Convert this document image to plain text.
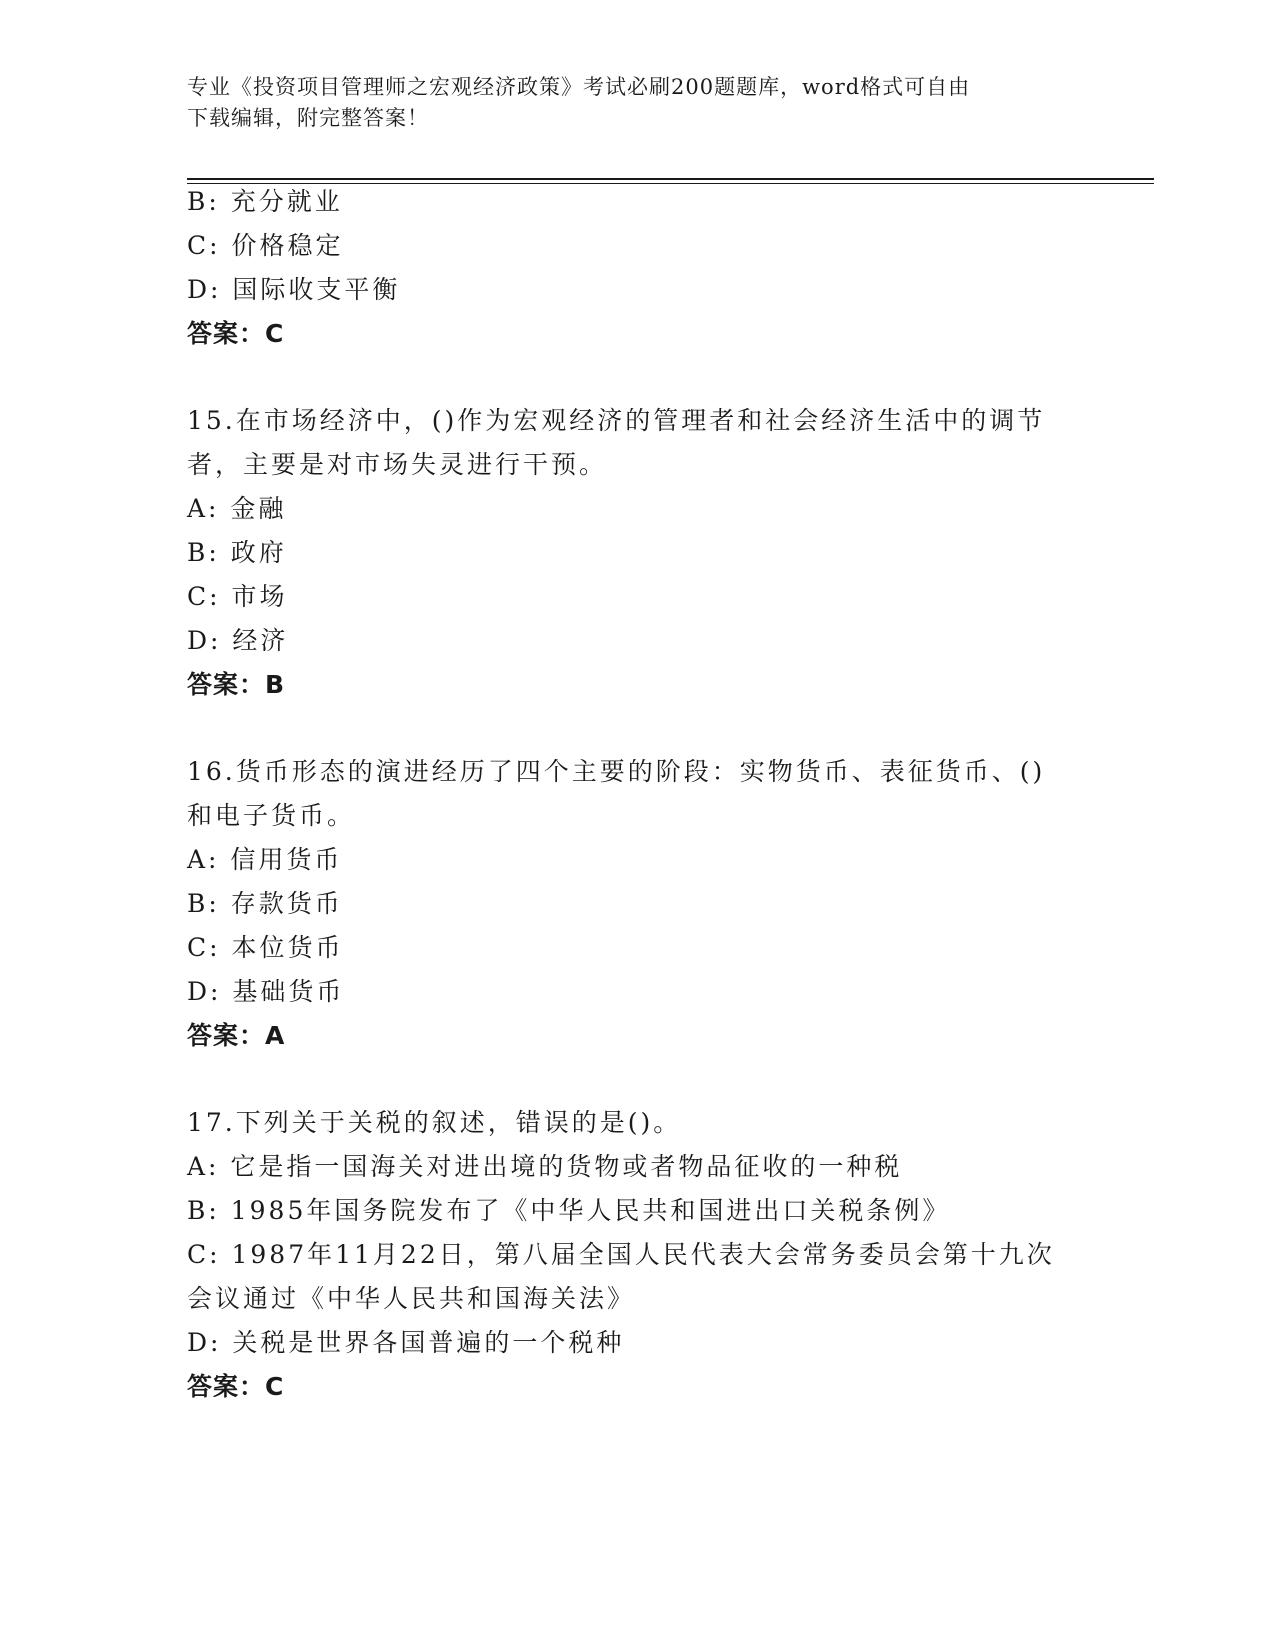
专业《投资项目管理师之宏观经济政策》考试必刷200题题库，word格式可自由
下载编辑，附完整答案！
B: 充分就业
C: 价格稳定
D: 国际收支平衡
答案：C
15.在市场经济中，()作为宏观经济的管理者和社会经济生活中的调节
者，主要是对市场失灵进行干预。
A: 金融
B: 政府
C: 市场
D: 经济
答案：B
16.货币形态的演进经历了四个主要的阶段：实物货币、表征货币、()
和电子货币。
A: 信用货币
B: 存款货币
C: 本位货币
D: 基础货币
答案：A
17.下列关于关税的叙述，错误的是()。
A: 它是指一国海关对进出境的货物或者物品征收的一种税
B: 1985年国务院发布了《中华人民共和国进出口关税条例》
C: 1987年11月22日，第八届全国人民代表大会常务委员会第十九次
会议通过《中华人民共和国海关法》
D: 关税是世界各国普遍的一个税种
答案：C
